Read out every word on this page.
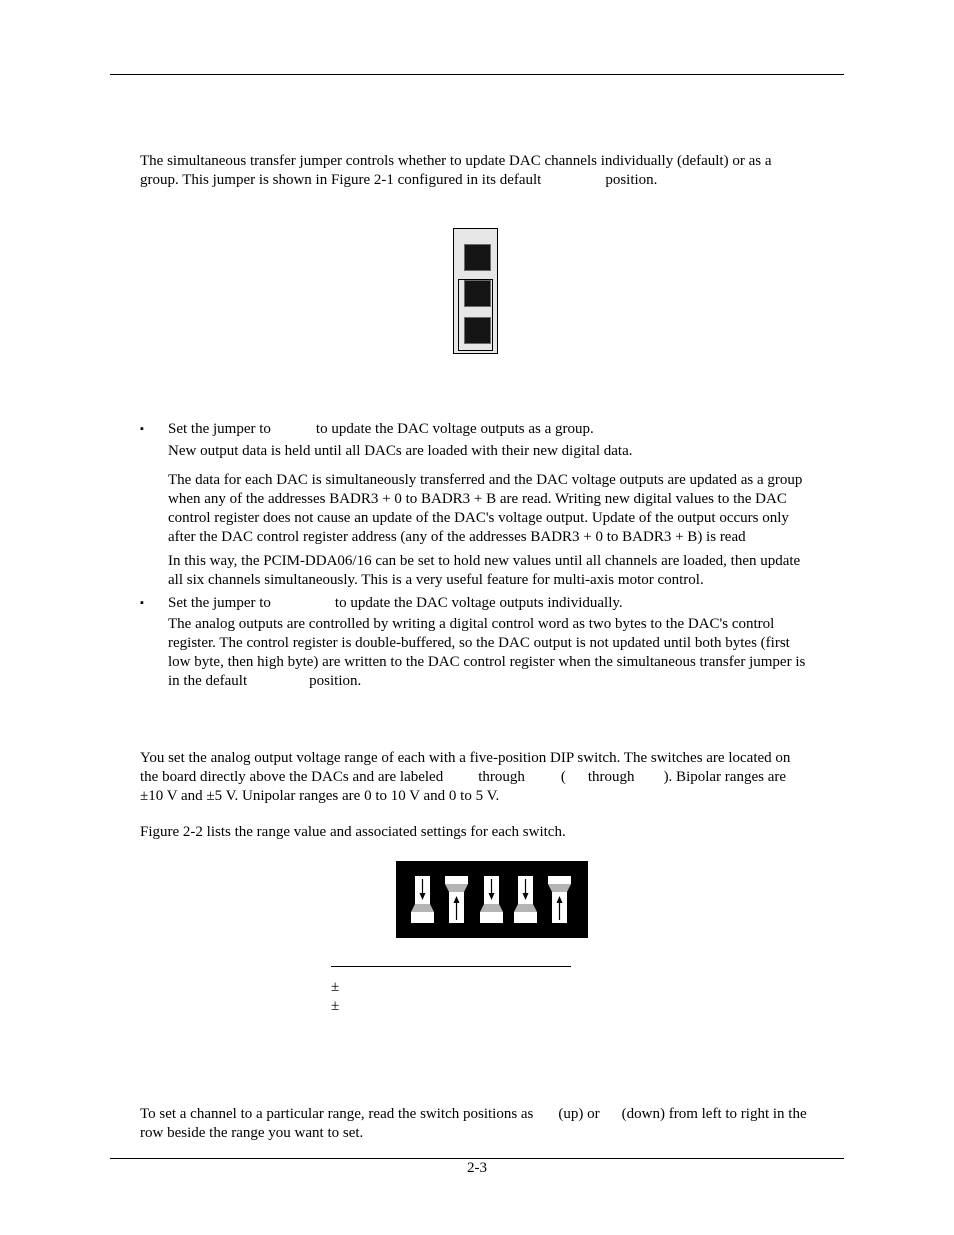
The simultaneous transfer jumper controls whether to update DAC channels individually (default) or as a
group. This jumper is shown in Figure 2-1 configured in its default	position.

▪ Set the jumper to	to update the DAC voltage outputs as a group.

New output data is held until all DACs are loaded with their new digital data.

The data for each DAC is simultaneously transferred and the DAC voltage outputs are updated as a group
when any of the addresses BADR3 + 0 to BADR3 + B are read. Writing new digital values to the DAC
control register does not cause an update of the DAC's voltage output. Update of the output occurs only
after the DAC control register address (any of the addresses BADR3 + 0 to BADR3 + B) is read

In this way, the PCIM-DDA06/16 can be set to hold new values until all channels are loaded, then update
all six channels simultaneously. This is a very useful feature for multi-axis motor control.

▪ Set the jumper to	to update the DAC voltage outputs individually.

The analog outputs are controlled by writing a digital control word as two bytes to the DAC's control
register. The control register is double-buffered, so the DAC output is not updated until both bytes (first
low byte, then high byte) are written to the DAC control register when the simultaneous transfer jumper is
in the default	position.

You set the analog output voltage range of each with a five-position DIP switch. The switches are located on
the board directly above the DACs and are labeled through ( through ). Bipolar ranges are
±10 V and ±5 V. Unipolar ranges are 0 to 10 V and 0 to 5 V.

Figure 2-2 lists the range value and associated settings for each switch.

±
±

To set a channel to a particular range, read the switch positions as (up) or (down) from left to right in the
row beside the range you want to set.

2-3
